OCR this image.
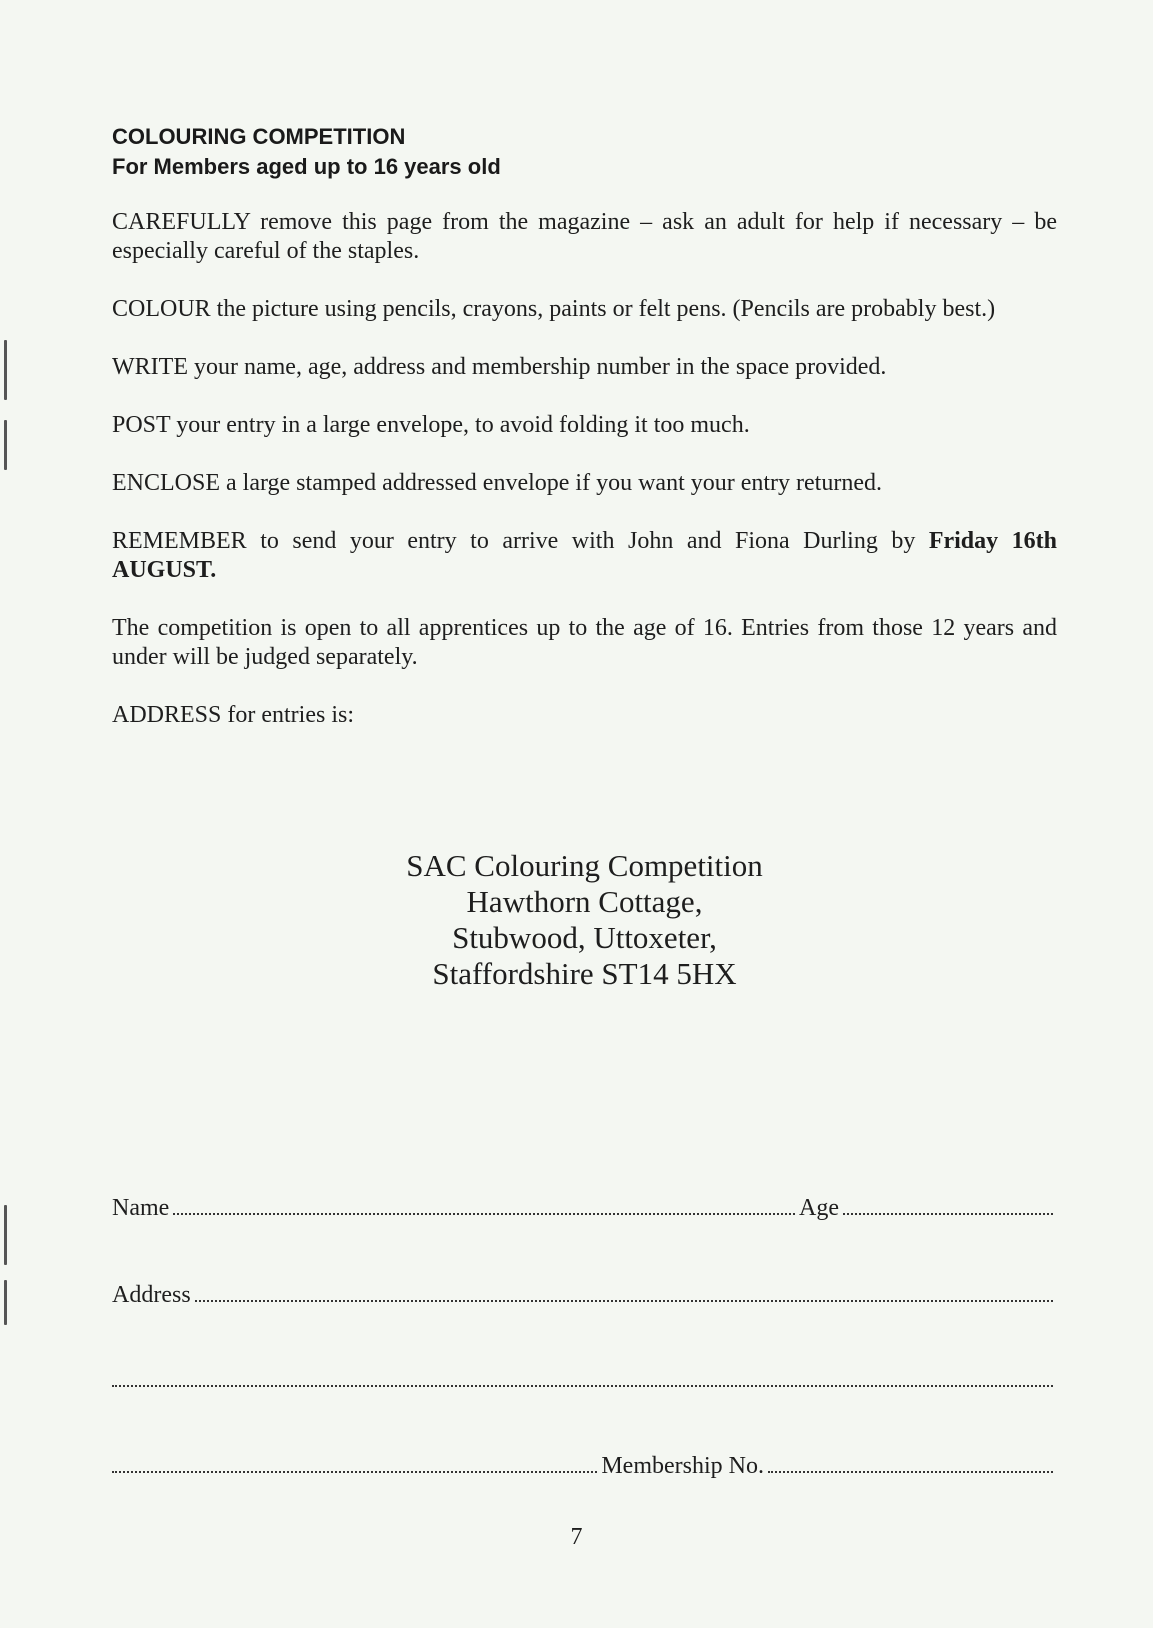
COLOURING COMPETITION
For Members aged up to 16 years old

CAREFULLY remove this page from the magazine – ask an adult for help if necessary – be especially careful of the staples.

COLOUR the picture using pencils, crayons, paints or felt pens. (Pencils are probably best.)

WRITE your name, age, address and membership number in the space provided.

POST your entry in a large envelope, to avoid folding it too much.

ENCLOSE a large stamped addressed envelope if you want your entry returned.

REMEMBER to send your entry to arrive with John and Fiona Durling by Friday 16th AUGUST.

The competition is open to all apprentices up to the age of 16. Entries from those 12 years and under will be judged separately.

ADDRESS for entries is:

SAC Colouring Competition
Hawthorn Cottage,
Stubwood, Uttoxeter,
Staffordshire ST14 5HX
Name	Age
Address
Membership No.
7
